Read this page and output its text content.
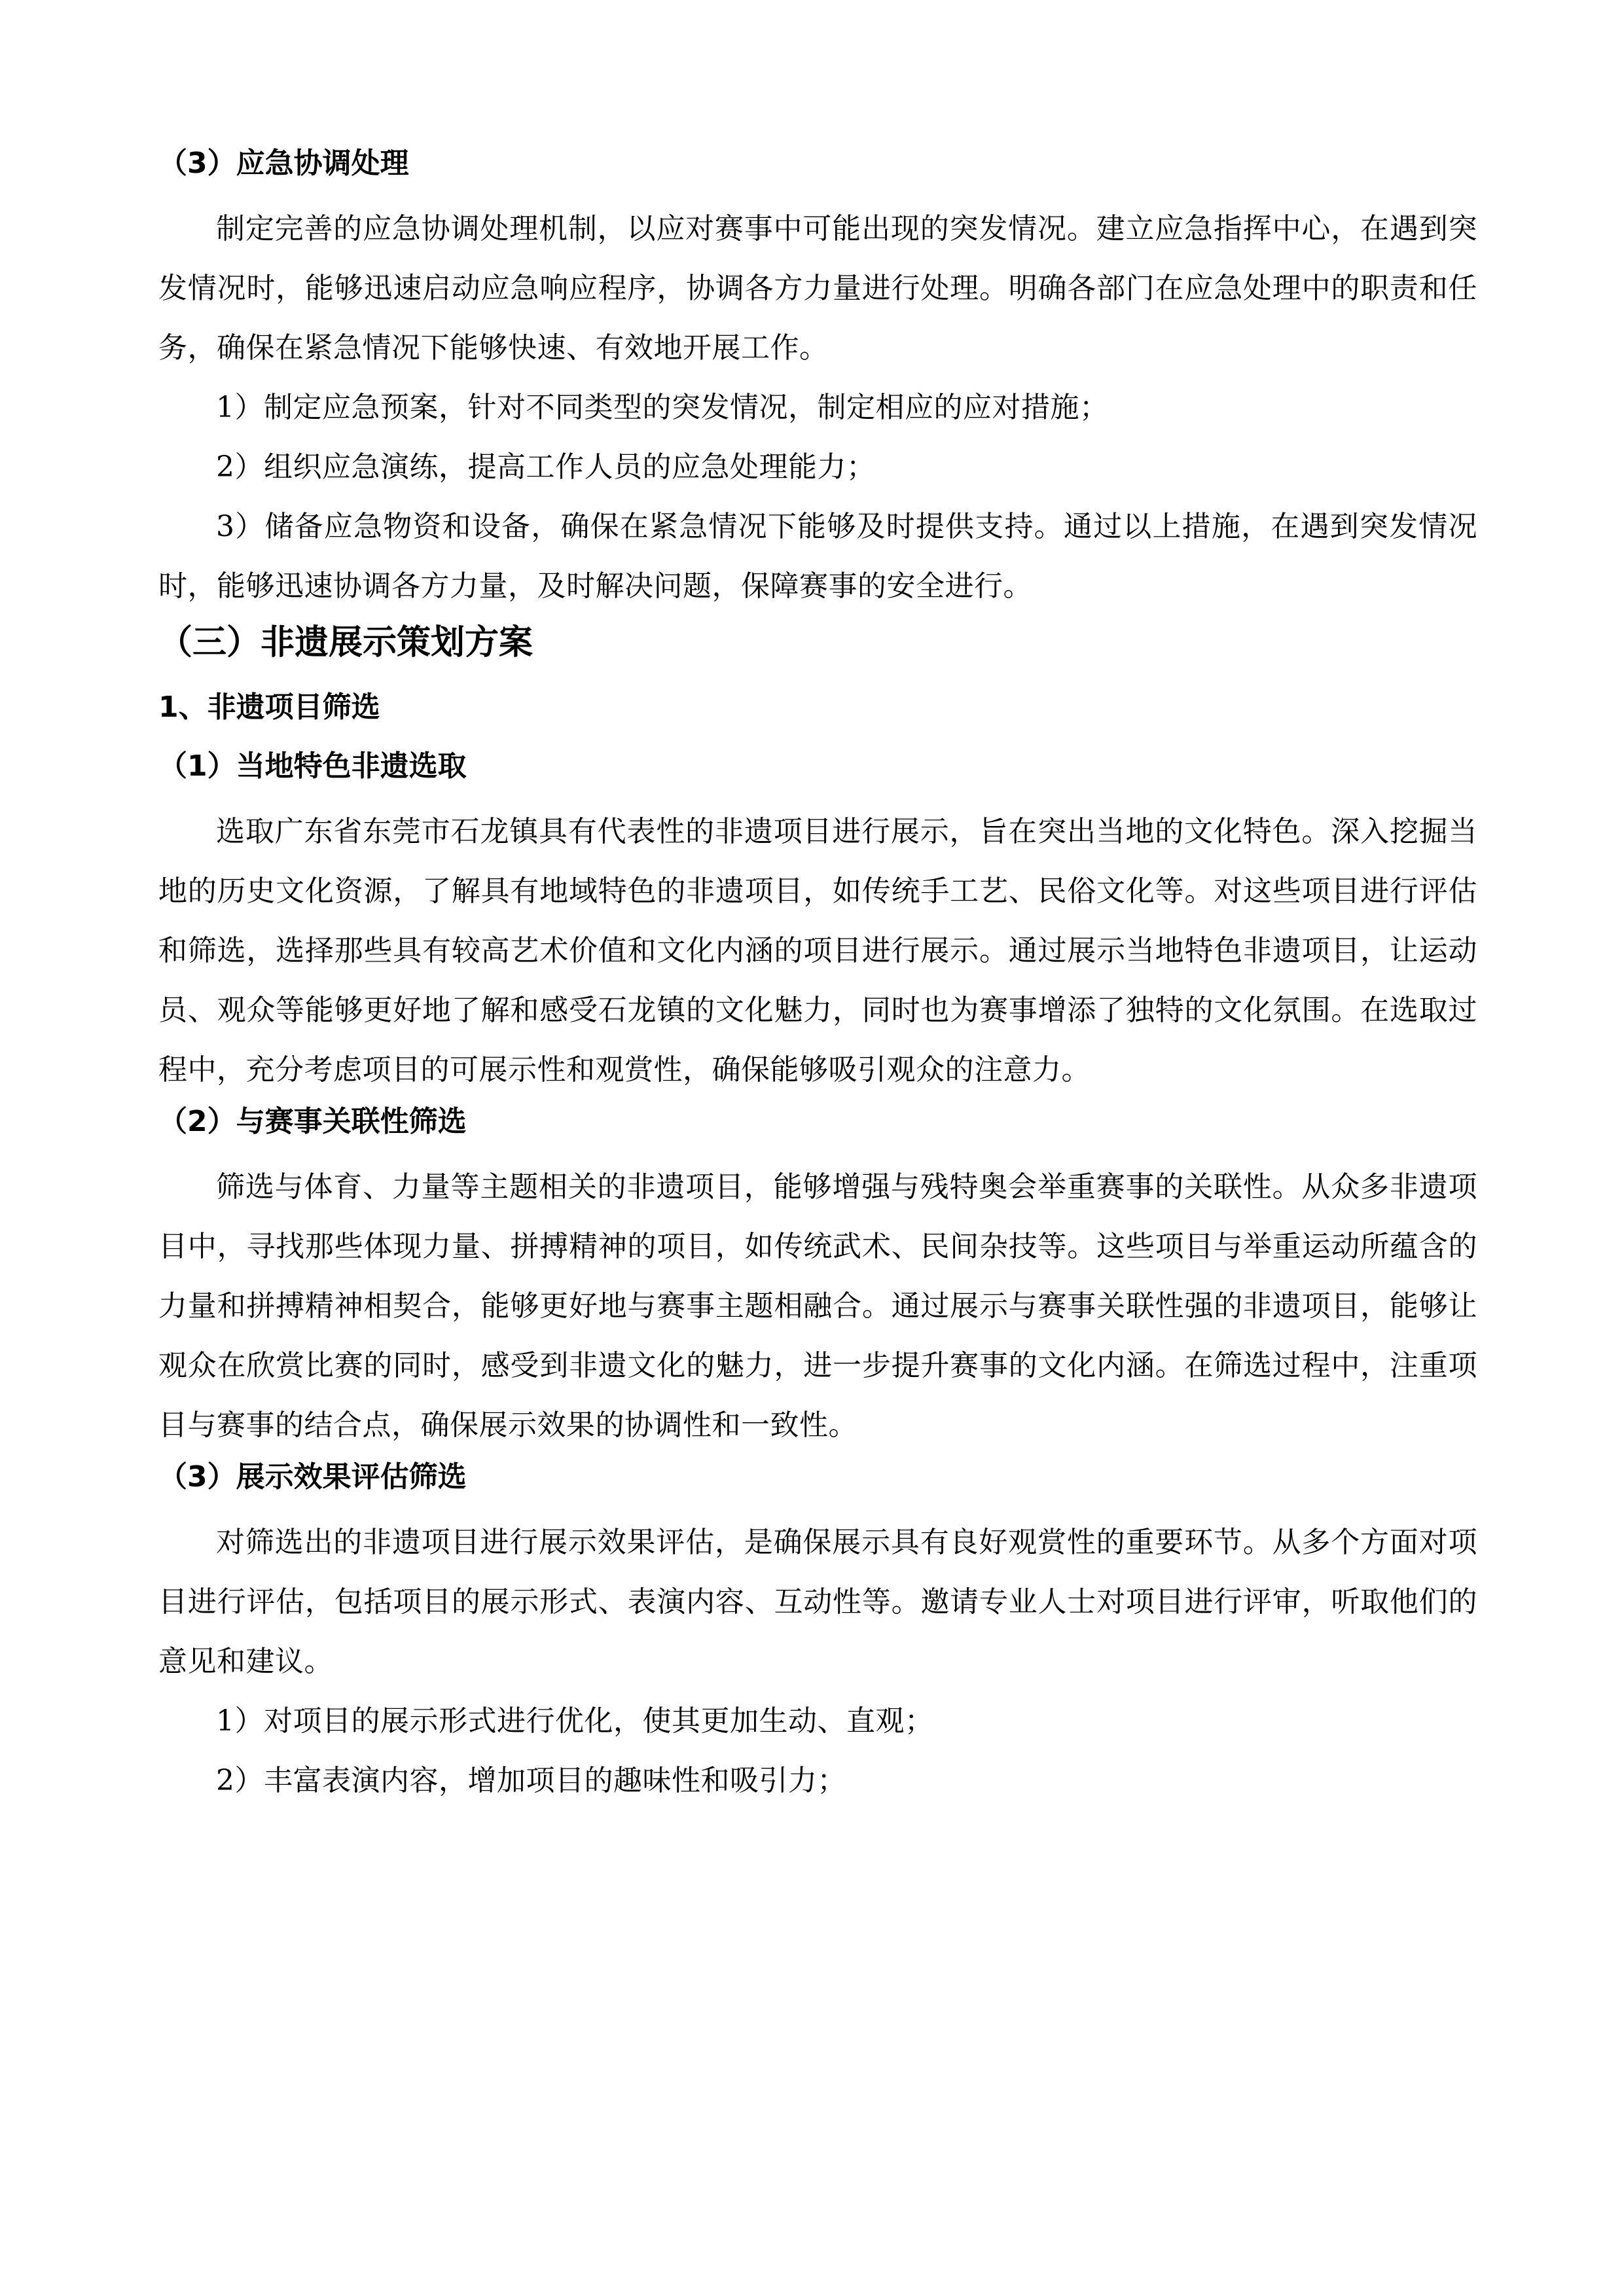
（3）应急协调处理

制定完善的应急协调处理机制，以应对赛事中可能出现的突发情况。建立应急指挥中心，在遇到突发情况时，能够迅速启动应急响应程序，协调各方力量进行处理。明确各部门在应急处理中的职责和任务，确保在紧急情况下能够快速、有效地开展工作。

1）制定应急预案，针对不同类型的突发情况，制定相应的应对措施；

2）组织应急演练，提高工作人员的应急处理能力；

3）储备应急物资和设备，确保在紧急情况下能够及时提供支持。通过以上措施，在遇到突发情况时，能够迅速协调各方力量，及时解决问题，保障赛事的安全进行。

（三）非遗展示策划方案
1、非遗项目筛选
（1）当地特色非遗选取

选取广东省东莞市石龙镇具有代表性的非遗项目进行展示，旨在突出当地的文化特色。深入挖掘当地的历史文化资源，了解具有地域特色的非遗项目，如传统手工艺、民俗文化等。对这些项目进行评估和筛选，选择那些具有较高艺术价值和文化内涵的项目进行展示。通过展示当地特色非遗项目，让运动员、观众等能够更好地了解和感受石龙镇的文化魅力，同时也为赛事增添了独特的文化氛围。在选取过程中，充分考虑项目的可展示性和观赏性，确保能够吸引观众的注意力。

（2）与赛事关联性筛选

筛选与体育、力量等主题相关的非遗项目，能够增强与残特奥会举重赛事的关联性。从众多非遗项目中，寻找那些体现力量、拼搏精神的项目，如传统武术、民间杂技等。这些项目与举重运动所蕴含的力量和拼搏精神相契合，能够更好地与赛事主题相融合。通过展示与赛事关联性强的非遗项目，能够让观众在欣赏比赛的同时，感受到非遗文化的魅力，进一步提升赛事的文化内涵。在筛选过程中，注重项目与赛事的结合点，确保展示效果的协调性和一致性。

（3）展示效果评估筛选

对筛选出的非遗项目进行展示效果评估，是确保展示具有良好观赏性的重要环节。从多个方面对项目进行评估，包括项目的展示形式、表演内容、互动性等。邀请专业人士对项目进行评审，听取他们的意见和建议。

1）对项目的展示形式进行优化，使其更加生动、直观；

2）丰富表演内容，增加项目的趣味性和吸引力；
